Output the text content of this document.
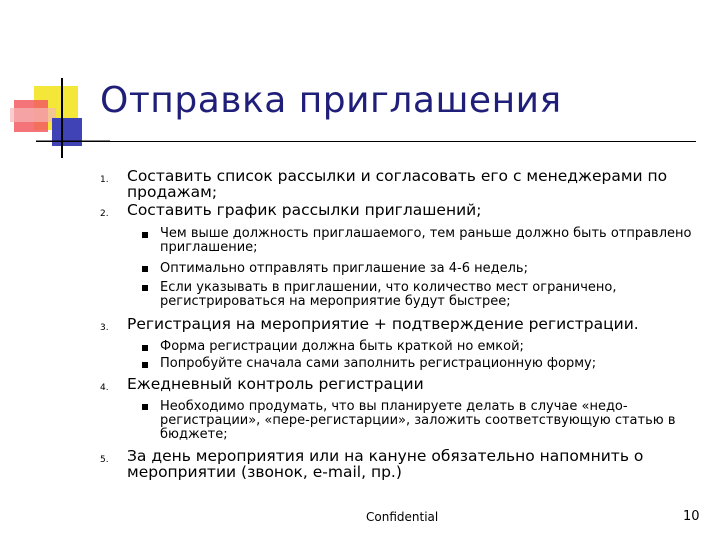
Отправка приглашения
1. Составить список рассылки и согласовать его с менеджерами по продажам;
2. Составить график рассылки приглашений;
Чем выше должность приглашаемого, тем раньше должно быть отправлено приглашение;
Оптимально отправлять приглашение за 4-6 недель;
Если указывать в приглашении, что количество мест ограничено, регистрироваться на мероприятие будут быстрее;
3. Регистрация на мероприятие + подтверждение регистрации.
Форма регистрации должна быть краткой но емкой;
Попробуйте сначала сами заполнить регистрационную форму;
4. Ежедневный контроль регистрации
Необходимо продумать, что вы планируете делать в случае «недо-регистрации», «пере-регистарции», заложить соответствующую статью в бюджете;
5. За день мероприятия или на кануне обязательно напомнить о мероприятии (звонок, e-mail, пр.)
Confidential	10
